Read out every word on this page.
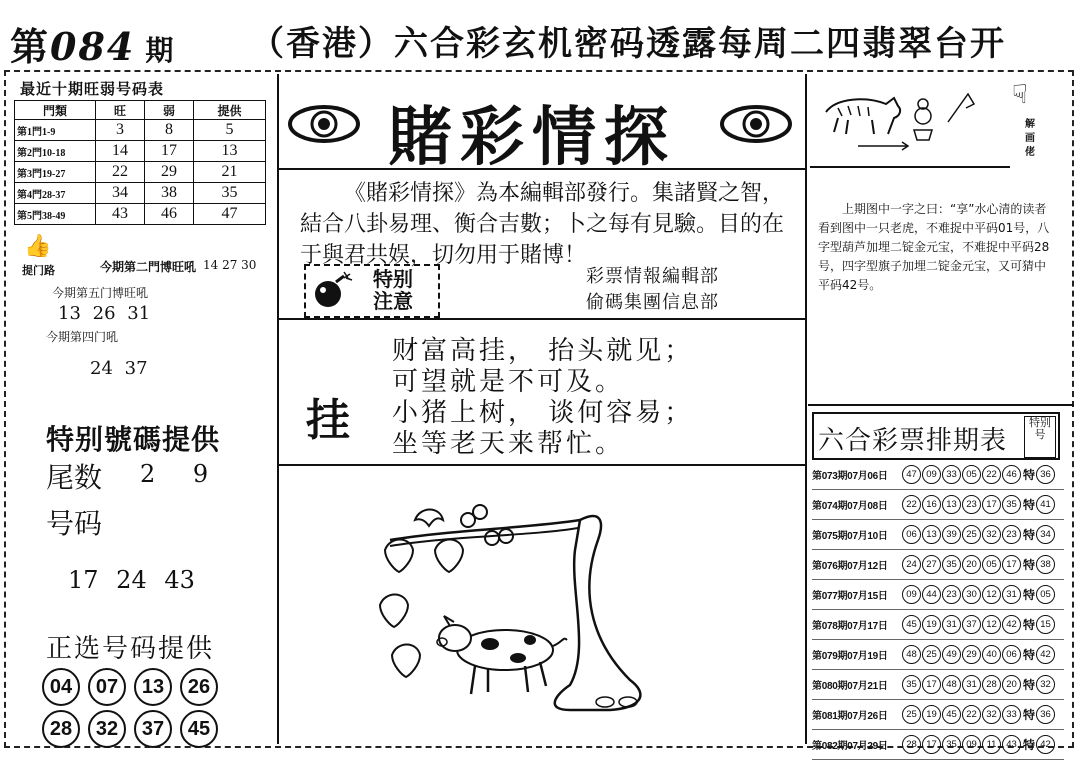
第084 期 （香港）六合彩玄机密码透露每周二四翡翠台开
最近十期旺弱号码表
門類	旺	弱	提供
第1門1-9	3	8	5
第2門10-18	14	17	13
第3門19-27	22	29	21
第4門28-37	34	38	35
第5門38-49	43	46	47
👍
提门路	今期第二門博旺吼 14 27 30
今期第五门博旺吼
13 26 31
今期第四门吼
24 37
特别號碼提供
尾数 2 9
号码
17 24 43
正选号码提供
04 07 13 26 28 32 37 45
賭彩情探
《賭彩情探》為本編輯部發行。集諸賢之智， 結合八卦易理、衡合吉數；卜之每有見驗。目的在于與君共娱，切勿用于賭博！
特别注意
彩票情報編輯部
偷碼集團信息部
挂
财富高挂， 抬头就见；
可望就是不可及。
小猪上树， 谈何容易；
坐等老天来帮忙。
☟
解画佬
上期图中一字之曰：“享”水心清的读者看到图中一只老虎，不难捉中平码01号，八字型葫芦加埋二锭金元宝，不难捉中平码28号，四字型旗子加埋二锭金元宝，又可猜中平码42号。
六合彩票排期表
特别号
第073期07月06日	47 09 33 05 22 46 特 36
第074期07月08日	22 16 13 23 17 35 特 41
第075期07月10日	06 13 39 25 32 23 特 34
第076期07月12日	24 27 35 20 05 17 特 38
第077期07月15日	09 44 23 30 12 31 特 05
第078期07月17日	45 19 31 37 12 42 特 15
第079期07月19日	48 25 49 29 40 06 特 42
第080期07月21日	35 17 48 31 28 20 特 32
第081期07月26日	25 19 45 22 32 33 特 36
第082期07月29日	28 17 35 09	11	43 特 42
